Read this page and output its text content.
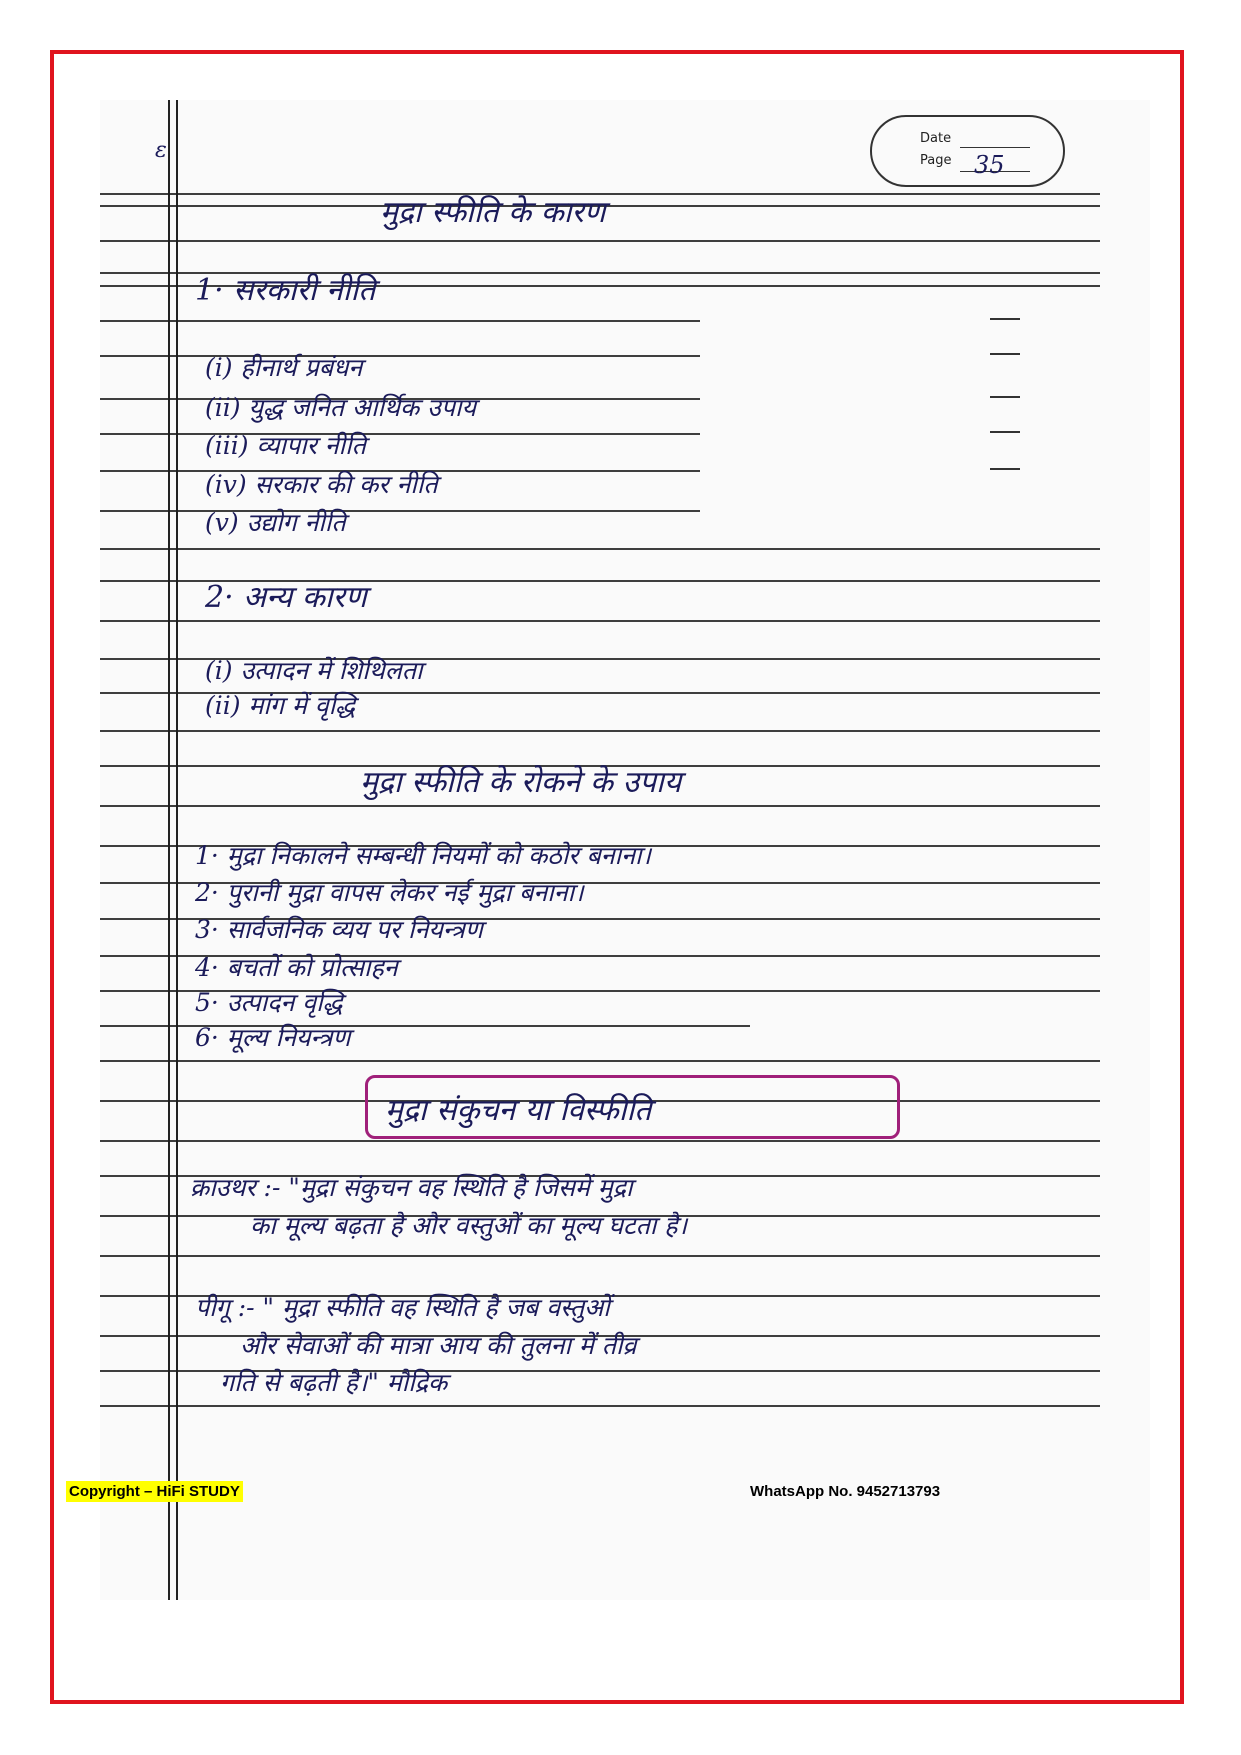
Date
Page 35
ε
मुद्रा स्फीति के कारण
1· सरकारी नीति
(i) हीनार्थ प्रबंधन
(ii) युद्ध जनित आर्थिक उपाय
(iii) व्यापार नीति
(iv) सरकार की कर नीति
(v) उद्योग नीति
2· अन्य कारण
(i) उत्पादन में शिथिलता
(ii) मांग में वृद्धि
मुद्रा स्फीति के रोकने के उपाय
1· मुद्रा निकालने सम्बन्धी नियमों को कठोर बनाना।
2· पुरानी मुद्रा वापस लेकर नई मुद्रा बनाना।
3· सार्वजनिक व्यय पर नियन्त्रण
4· बचतों को प्रोत्साहन
5· उत्पादन वृद्धि
6· मूल्य नियन्त्रण
मुद्रा संकुचन या विस्फीति
क्राउथर :- "मुद्रा संकुचन वह स्थिति है जिसमें मुद्रा
का मूल्य बढ़ता है और वस्तुओं का मूल्य घटता है।
पीगू :- " मुद्रा स्फीति वह स्थिति है जब वस्तुओं
और सेवाओं की मात्रा आय की तुलना में तीव्र
गति से बढ़ती है।" मौद्रिक
Copyright – HiFi STUDY	WhatsApp No. 9452713793
